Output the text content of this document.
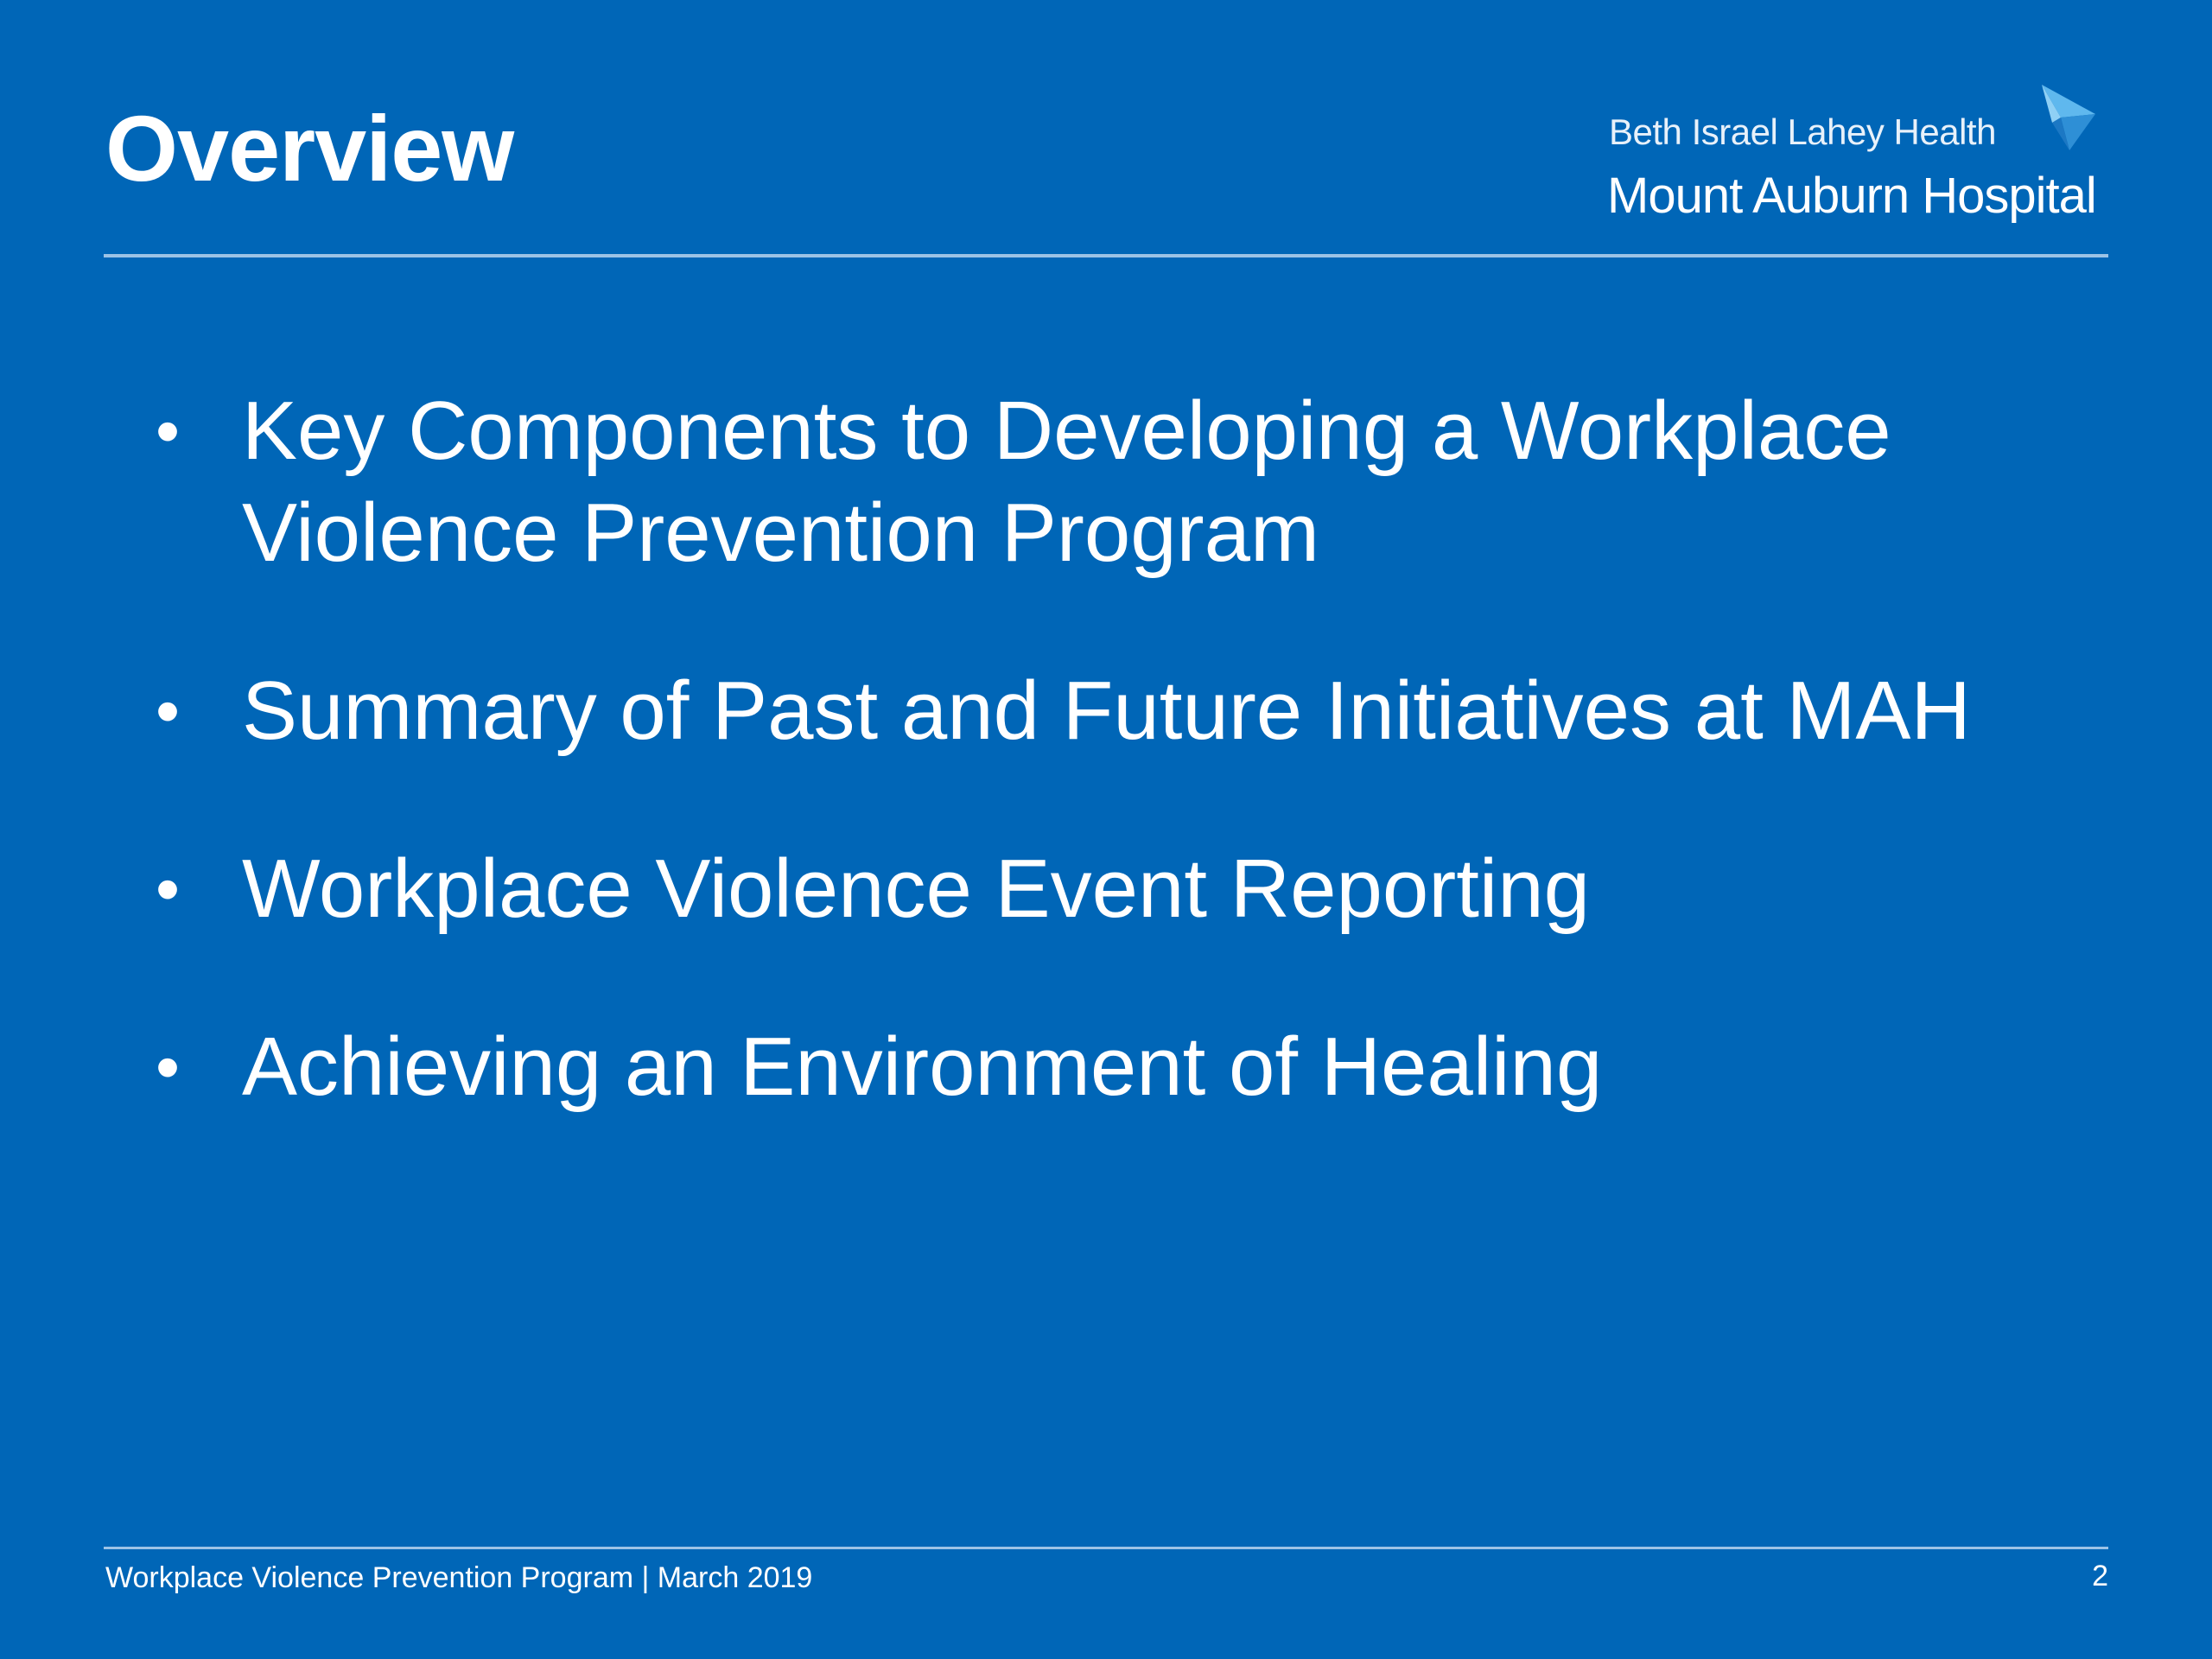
Overview	Beth Israel Lahey Health
Mount Auburn Hospital
• Key Components to Developing a Workplace Violence Prevention Program
• Summary of Past and Future Initiatives at MAH
• Workplace Violence Event Reporting
• Achieving an Environment of Healing
Workplace Violence Prevention Program | March 2019	2
